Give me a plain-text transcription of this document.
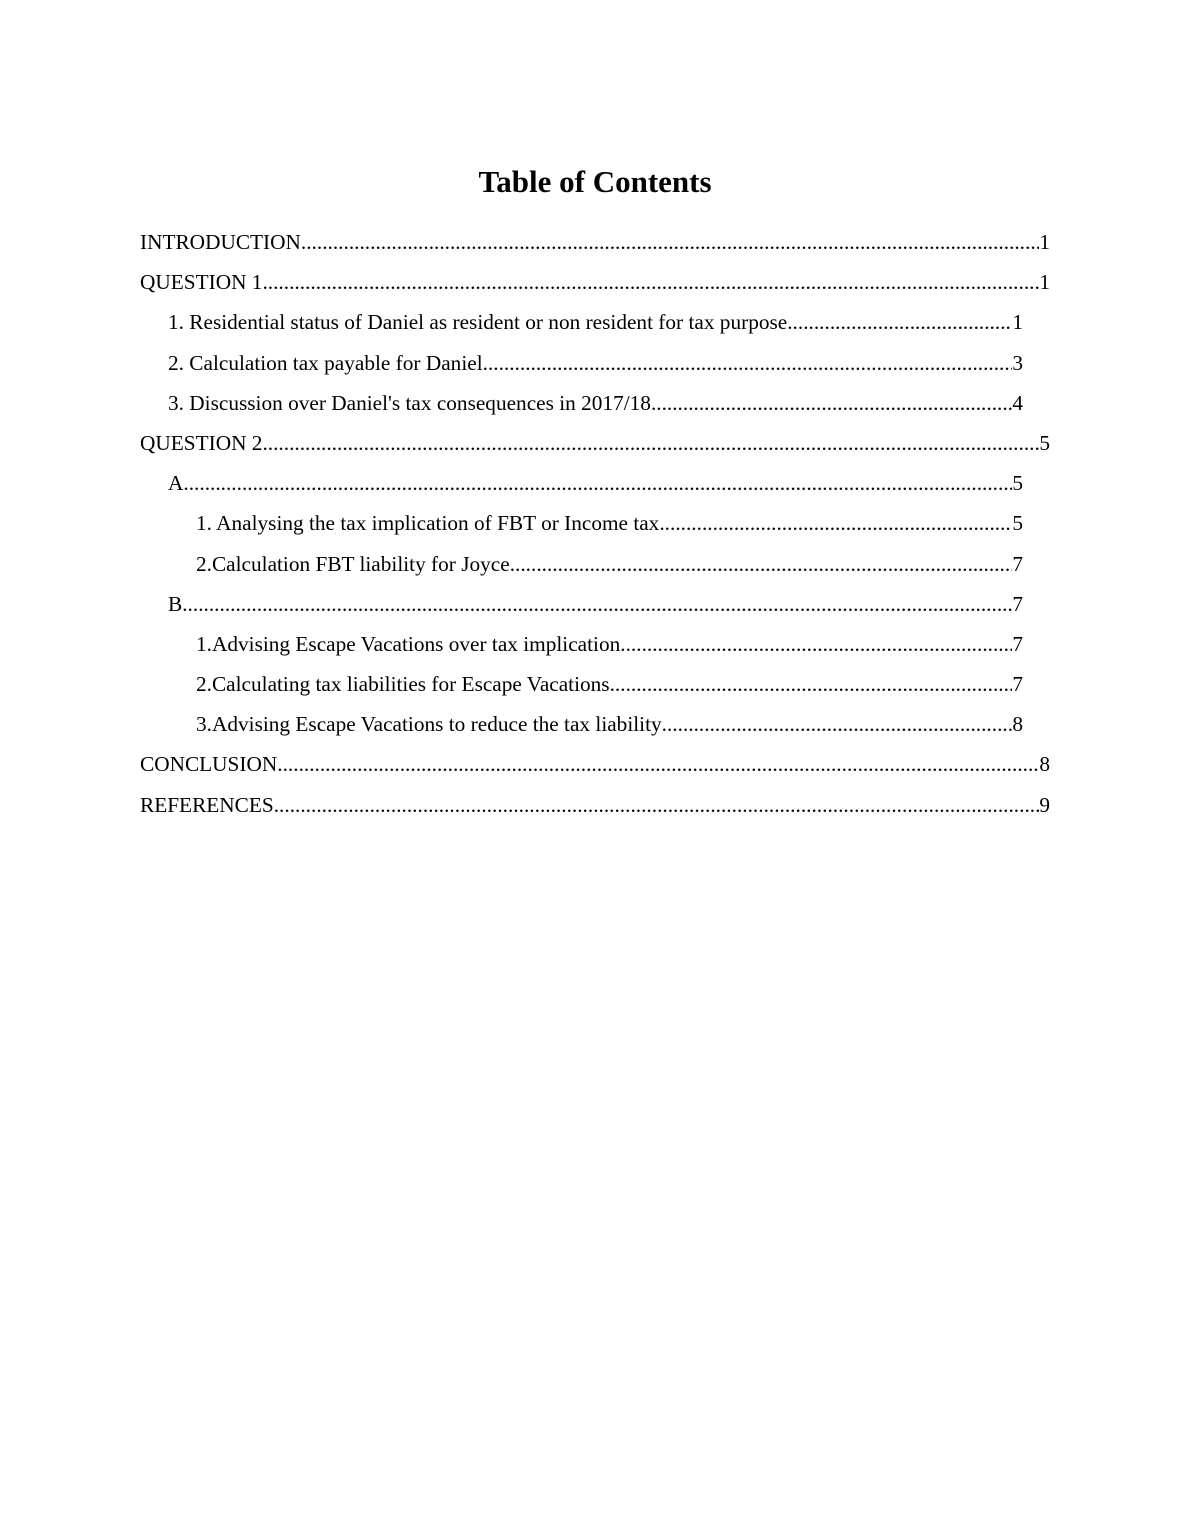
Table of Contents
INTRODUCTION .....	1
QUESTION 1 .....	1
1. Residential status of Daniel as resident or non resident for tax purpose .....	1
2. Calculation tax payable for Daniel .....	3
3. Discussion over Daniel's tax consequences in 2017/18 .....	4
QUESTION 2 .....	5
A .....	5
1. Analysing the tax implication of FBT or Income tax .....	5
2.Calculation FBT liability for Joyce .....	7
B .....	7
1.Advising Escape Vacations over tax implication .....	7
2.Calculating tax liabilities for Escape Vacations .....	7
3.Advising Escape Vacations to reduce the tax liability .....	8
CONCLUSION .....	8
REFERENCES .....	9
